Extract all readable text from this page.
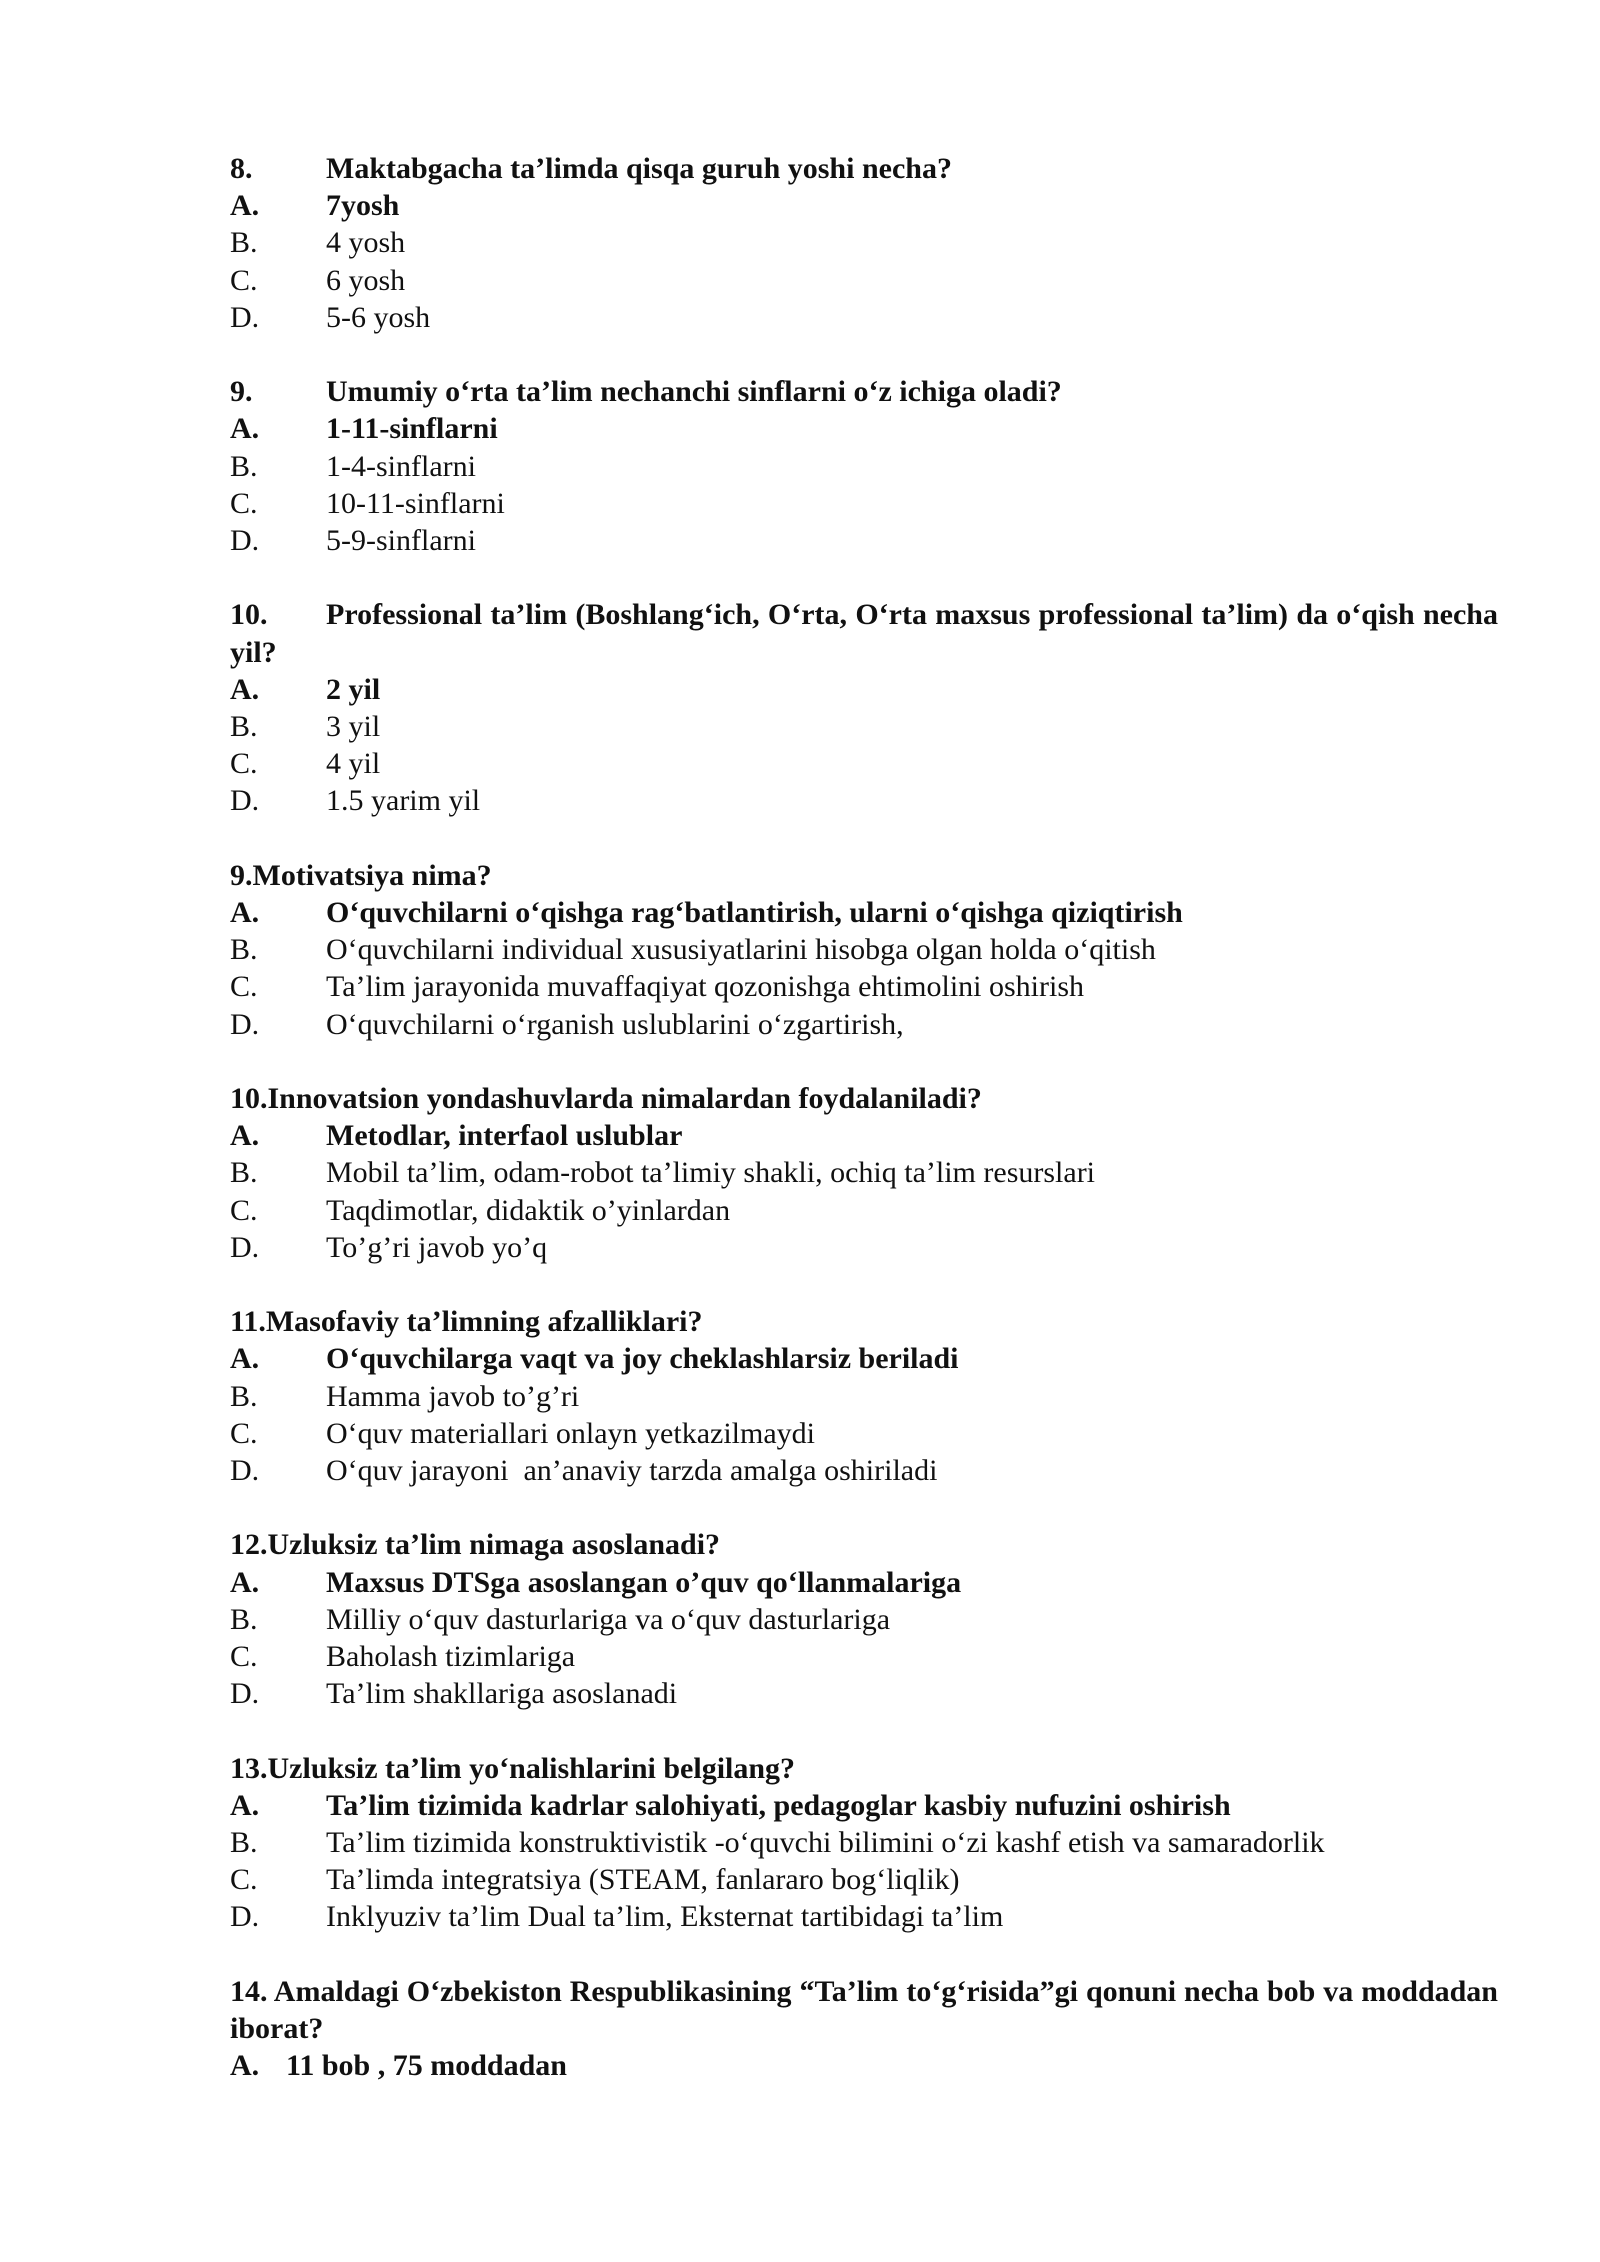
8.	Maktabgacha ta’limda qisqa guruh yoshi necha?
A.	7yosh
B.	4 yosh
C.	6 yosh
D.	5-6 yosh
9.	Umumiy o‘rta ta’lim nechanchi sinflarni o‘z ichiga oladi?
A.	1-11-sinflarni
B.	1-4-sinflarni
C.	10-11-sinflarni
D.	5-9-sinflarni
10. Professional ta’lim (Boshlang‘ich, O‘rta, O‘rta maxsus professional ta’lim) da o‘qish necha yil?
A.	2 yil
B.	3 yil
C.	4 yil
D.	1.5 yarim yil
9.Motivatsiya nima?
A.	O‘quvchilarni o‘qishga rag‘batlantirish, ularni o‘qishga qiziqtirish
B.	O‘quvchilarni individual xususiyatlarini hisobga olgan holda o‘qitish
C.	Ta’lim jarayonida muvaffaqiyat qozonishga ehtimolini oshirish
D.	O‘quvchilarni o‘rganish uslublarini o‘zgartirish,
10.Innovatsion yondashuvlarda nimalardan foydalaniladi?
A.	Metodlar, interfaol uslublar
B.	Mobil ta’lim, odam-robot ta’limiy shakli, ochiq ta’lim resurslari
C.	Taqdimotlar, didaktik o’yinlardan
D.	To’g’ri javob yo’q
11.Masofaviy ta’limning afzalliklari?
A.	O‘quvchilarga vaqt va joy cheklashlarsiz beriladi
B.	Hamma javob to’g’ri
C.	O‘quv materiallari onlayn yetkazilmaydi
D.	O‘quv jarayoni  an’anaviy tarzda amalga oshiriladi
12.Uzluksiz ta’lim nimaga asoslanadi?
A.	Maxsus DTSga asoslangan o’quv qo‘llanmalariga
B.	Milliy o‘quv dasturlariga va o‘quv dasturlariga
C.	Baholash tizimlariga
D.	Ta’lim shakllariga asoslanadi
13.Uzluksiz ta’lim yo‘nalishlarini belgilang?
A.	Ta’lim tizimida kadrlar salohiyati, pedagoglar kasbiy nufuzini oshirish
B.	Ta’lim tizimida konstruktivistik -o‘quvchi bilimini o‘zi kashf etish va samaradorlik
C.	Ta’limda integratsiya (STEAM, fanlararo bog‘liqlik)
D.	Inklyuziv ta’lim Dual ta’lim, Eksternat tartibidagi ta’lim
14. Amaldagi O‘zbekiston Respublikasining “Ta’lim to‘g‘risida”gi qonuni necha bob va moddadan iborat?
A. 11 bob , 75 moddadan
